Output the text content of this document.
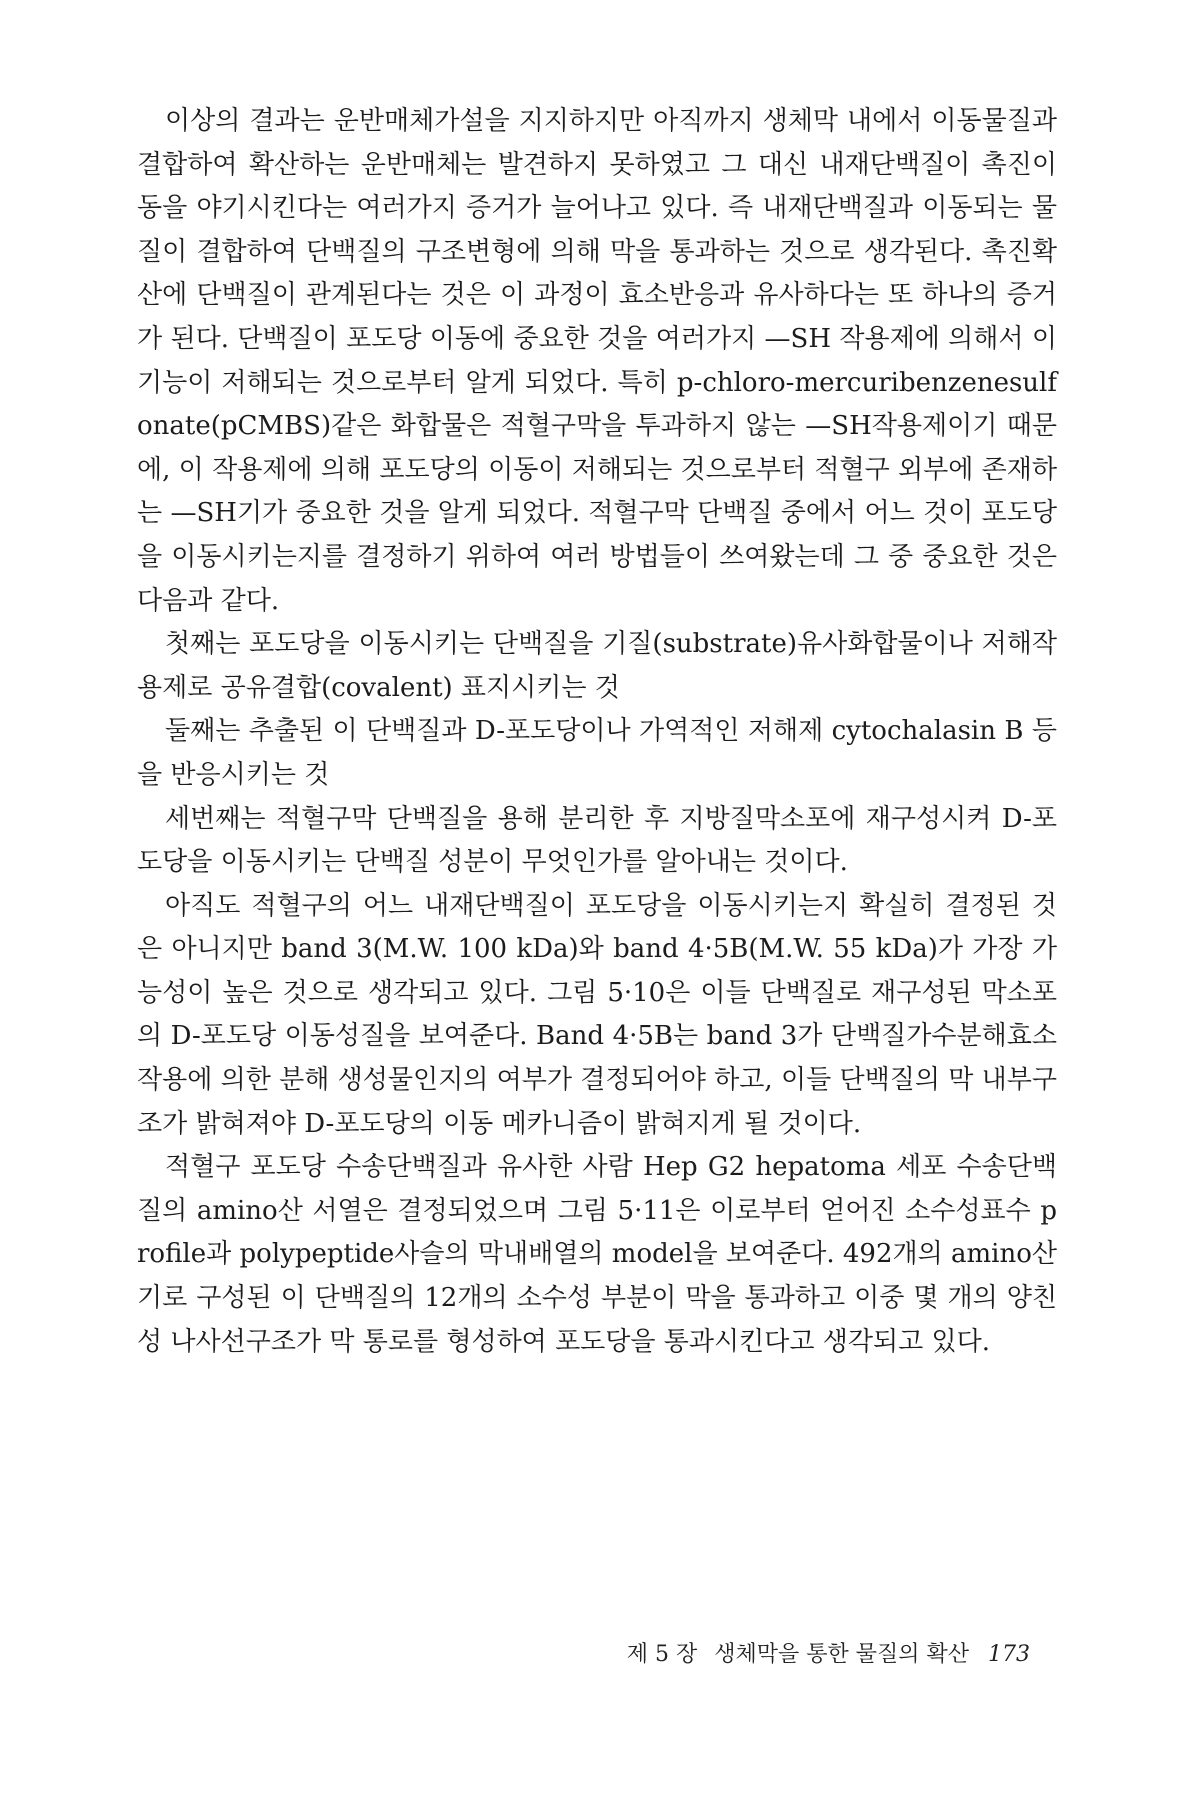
이상의 결과는 운반매체가설을 지지하지만 아직까지 생체막 내에서 이동물질과 결합하여 확산하는 운반매체는 발견하지 못하였고 그 대신 내재단백질이 촉진이동을 야기시킨다는 여러가지 증거가 늘어나고 있다. 즉 내재단백질과 이동되는 물질이 결합하여 단백질의 구조변형에 의해 막을 통과하는 것으로 생각된다. 촉진확산에 단백질이 관계된다는 것은 이 과정이 효소반응과 유사하다는 또 하나의 증거가 된다. 단백질이 포도당 이동에 중요한 것을 여러가지 —SH 작용제에 의해서 이 기능이 저해되는 것으로부터 알게 되었다. 특히 p-chloro-mercuribenzenesulfonate(pCMBS)같은 화합물은 적혈구막을 투과하지 않는 —SH작용제이기 때문에, 이 작용제에 의해 포도당의 이동이 저해되는 것으로부터 적혈구 외부에 존재하는 —SH기가 중요한 것을 알게 되었다. 적혈구막 단백질 중에서 어느 것이 포도당을 이동시키는지를 결정하기 위하여 여러 방법들이 쓰여왔는데 그 중 중요한 것은 다음과 같다.

첫째는 포도당을 이동시키는 단백질을 기질(substrate)유사화합물이나 저해작용제로 공유결합(covalent) 표지시키는 것

둘째는 추출된 이 단백질과 D-포도당이나 가역적인 저해제 cytochalasin B 등을 반응시키는 것

세번째는 적혈구막 단백질을 용해 분리한 후 지방질막소포에 재구성시켜 D-포도당을 이동시키는 단백질 성분이 무엇인가를 알아내는 것이다.

아직도 적혈구의 어느 내재단백질이 포도당을 이동시키는지 확실히 결정된 것은 아니지만 band 3(M.W. 100 kDa)와 band 4·5B(M.W. 55 kDa)가 가장 가능성이 높은 것으로 생각되고 있다. 그림 5·10은 이들 단백질로 재구성된 막소포의 D-포도당 이동성질을 보여준다. Band 4·5B는 band 3가 단백질가수분해효소 작용에 의한 분해 생성물인지의 여부가 결정되어야 하고, 이들 단백질의 막 내부구조가 밝혀져야 D-포도당의 이동 메카니즘이 밝혀지게 될 것이다.

적혈구 포도당 수송단백질과 유사한 사람 Hep G2 hepatoma 세포 수송단백질의 amino산 서열은 결정되었으며 그림 5·11은 이로부터 얻어진 소수성표수 profile과 polypeptide사슬의 막내배열의 model을 보여준다. 492개의 amino산기로 구성된 이 단백질의 12개의 소수성 부분이 막을 통과하고 이중 몇 개의 양친성 나사선구조가 막 통로를 형성하여 포도당을 통과시킨다고 생각되고 있다.

제 5 장 생체막을 통한 물질의 확산 173
